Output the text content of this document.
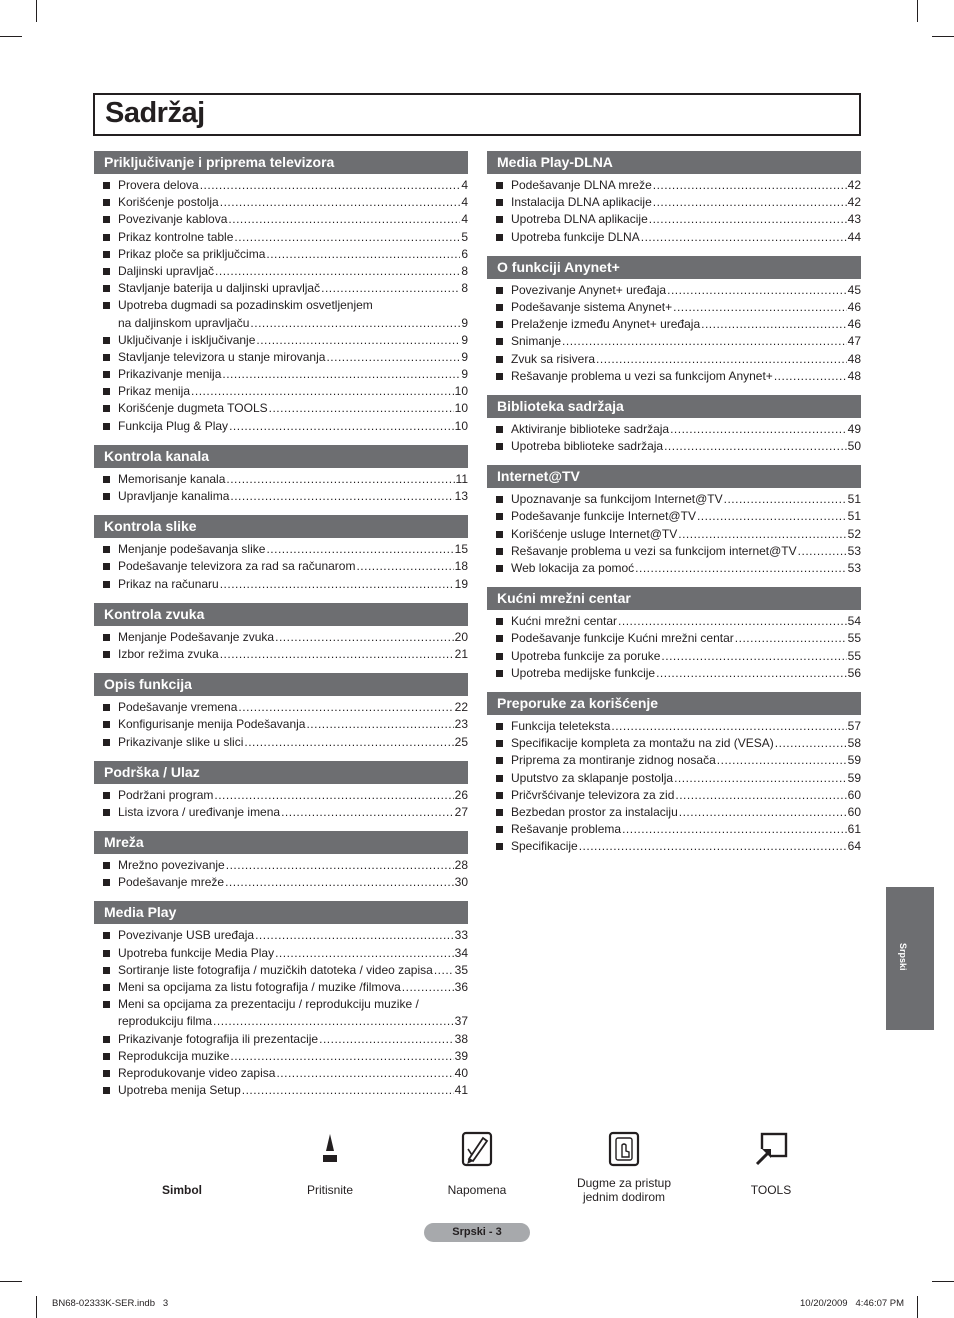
Sadržaj
Priključivanje i priprema televizora
Provera delova .....	4
Korišćenje postolja .....	4
Povezivanje kablova .....	4
Prikaz kontrolne table .....	5
Prikaz ploče sa priključcima .....	6
Daljinski upravljač .....	8
Stavljanje baterija u daljinski upravljač .....	8
Upotreba dugmadi sa pozadinskim osvetljenjem
na daljinskom upravljaču .....	9
Uključivanje i isključivanje .....	9
Stavljanje televizora u stanje mirovanja .....	9
Prikazivanje menija .....	9
Prikaz menija .....	10
Korišćenje dugmeta TOOLS .....	10
Funkcija Plug & Play .....	10
Kontrola kanala
Memorisanje kanala .....	11
Upravljanje kanalima .....	13
Kontrola slike
Menjanje podešavanja slike .....	15
Podešavanje televizora za rad sa računarom .....	18
Prikaz na računaru .....	19
Kontrola zvuka
Menjanje Podešavanje zvuka .....	20
Izbor režima zvuka .....	21
Opis funkcija
Podešavanje vremena .....	22
Konfigurisanje menija Podešavanja .....	23
Prikazivanje slike u slici .....	25
Podrška / Ulaz
Podržani program .....	26
Lista izvora / uređivanje imena .....	27
Mreža
Mrežno povezivanje .....	28
Podešavanje mreže .....	30
Media Play
Povezivanje USB uređaja .....	33
Upotreba funkcije Media Play .....	34
Sortiranje liste fotografija / muzičkih datoteka / video zapisa ..... 35
Meni sa opcijama za listu fotografija / muzike /filmova .....	36
Meni sa opcijama za prezentaciju / reprodukciju muzike /
reprodukciju filma .....	37
Prikazivanje fotografija ili prezentacije .....	38
Reprodukcija muzike .....	39
Reprodukovanje video zapisa .....	40
Upotreba menija Setup .....	41
Media Play-DLNA
Podešavanje DLNA mreže .....	42
Instalacija DLNA aplikacije .....	42
Upotreba DLNA aplikacije .....	43
Upotreba funkcije DLNA .....	44
O funkciji Anynet+
Povezivanje Anynet+ uređaja .....	45
Podešavanje sistema Anynet+ .....	46
Prelaženje između Anynet+ uređaja .....	46
Snimanje .....	47
Zvuk sa risivera .....	48
Rešavanje problema u vezi sa funkcijom Anynet+ .....	48
Biblioteka sadržaja
Aktiviranje biblioteke sadržaja .....	49
Upotreba biblioteke sadržaja .....	50
Internet@TV
Upoznavanje sa funkcijom Internet@TV .....	51
Podešavanje funkcije Internet@TV .....	51
Korišćenje usluge Internet@TV .....	52
Rešavanje problema u vezi sa funkcijom internet@TV .....	53
Web lokacija za pomoć .....	53
Kućni mrežni centar
Kućni mrežni centar .....	54
Podešavanje funkcije Kućni mrežni centar .....	55
Upotreba funkcije za poruke .....	55
Upotreba medijske funkcije .....	56
Preporuke za korišćenje
Funkcija teleteksta .....	57
Specifikacije kompleta za montažu na zid (VESA) .....	58
Priprema za montiranje zidnog nosača .....	59
Uputstvo za sklapanje postolja .....	59
Pričvršćivanje televizora za zid .....	60
Bezbedan prostor za instalaciju .....	60
Rešavanje problema .....	61
Specifikacije .....	64
Srpski
Simbol	Pritisnite	Napomena	Dugme za pristup
jednim dodirom	TOOLS
Srpski - 3
BN68-02333K-SER.indb   3	10/20/2009   4:46:07 PM
